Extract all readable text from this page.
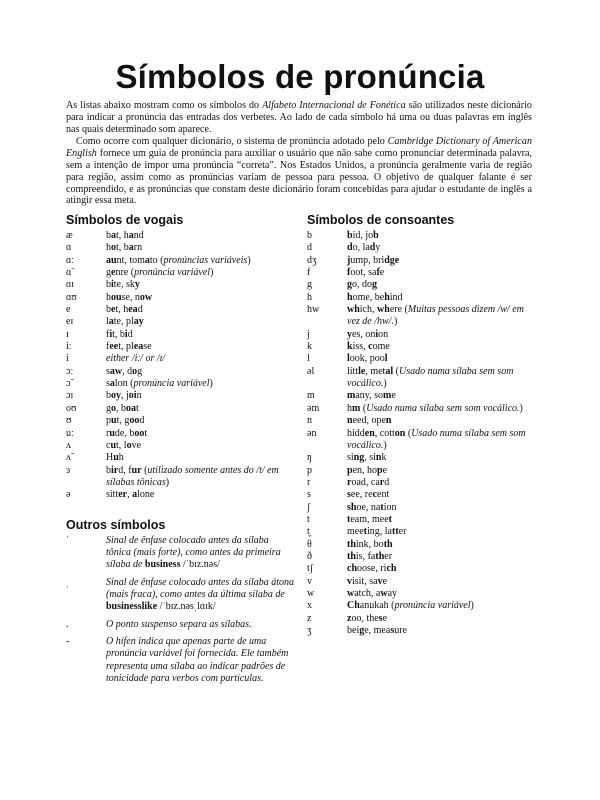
Símbolos de pronúncia

As listas abaixo mostram como os símbolos do Alfabeto Internacional de Fonética são utilizados neste dicionário para indicar a pronúncia das entradas dos verbetes. Ao lado de cada símbolo há uma ou duas palavras em inglês nas quais determinado som aparece.

Como ocorre com qualquer dicionário, o sistema de pronúncia adotado pelo Cambridge Dictionary of American English fornece um guia de pronúncia para auxiliar o usuário que não sabe como pronunciar determinada palavra, sem a intenção de impor uma pronúncia “correta”. Nos Estados Unidos, a pronúncia geralmente varia de região para região, assim como as pronúncias variam de pessoa para pessoa. O objetivo de qualquer falante é ser compreendido, e as pronúncias que constam deste dicionário foram concebidas para ajudar o estudante de inglês a atingir essa meta.

Símbolos de vogais
æ	bat, hand
ɑ	hot, barn
ɑː	aunt, tomato (pronúncias variáveis)
ɑ̃	genre (pronúncia variável)
ɑɪ	bite, sky
ɑʊ	house, now
e	bet, head
eɪ	late, play
ɪ	fit, bid
iː	feet, please
i	either /iː/ or /ɪ/
ɔː	saw, dog
ɔ̃	salon (pronúncia variável)
ɔɪ	boy, join
oʊ	go, boat
ʊ	put, good
uː	rude, boot
ʌ	cut, love
ʌ̃	Huh
ɜ	bird, fur (utilizado somente antes do /t/ em sílabas tônicas)
ə	sitter, alone
Outros símbolos
ˈ	Sinal de ênfase colocado antes da sílaba tônica (mais forte), como antes da primeira sílaba de business /ˈbɪz.nəs/
ˌ	Sinal de ênfase colocado antes da sílaba átona (mais fraca), como antes da última sílaba de businesslike /ˈbɪz.nəsˌlɑɪk/
.	O ponto suspenso separa as sílabas.
-	O hífen indica que apenas parte de uma pronúncia variável foi fornecida. Ele também representa uma sílaba ao indicar padrões de tonicidade para verbos com partículas.
Símbolos de consoantes
b	bid, job
d	do, lady
dʒ	jump, bridge
f	foot, safe
g	go, dog
h	home, behind
hw	which, where (Muitas pessoas dizem /w/ em vez de /hw/.)
j	yes, onion
k	kiss, come
l	look, pool
əl	little, metal (Usado numa sílaba sem som vocálico.)
m	many, some
əm	hm (Usado numa sílaba sem som vocálico.)
n	need, open
ən	hidden, cotton (Usado numa sílaba sem som vocálico.)
ŋ	sing, sink
p	pen, hope
r	road, card
s	see, recent
ʃ	shoe, nation
t	team, meet
t̬	meeting, latter
θ	think, both
ð	this, father
tʃ	choose, rich
v	visit, save
w	watch, away
x	Chanukah (pronúncia variável)
z	zoo, these
ʒ	beige, measure
